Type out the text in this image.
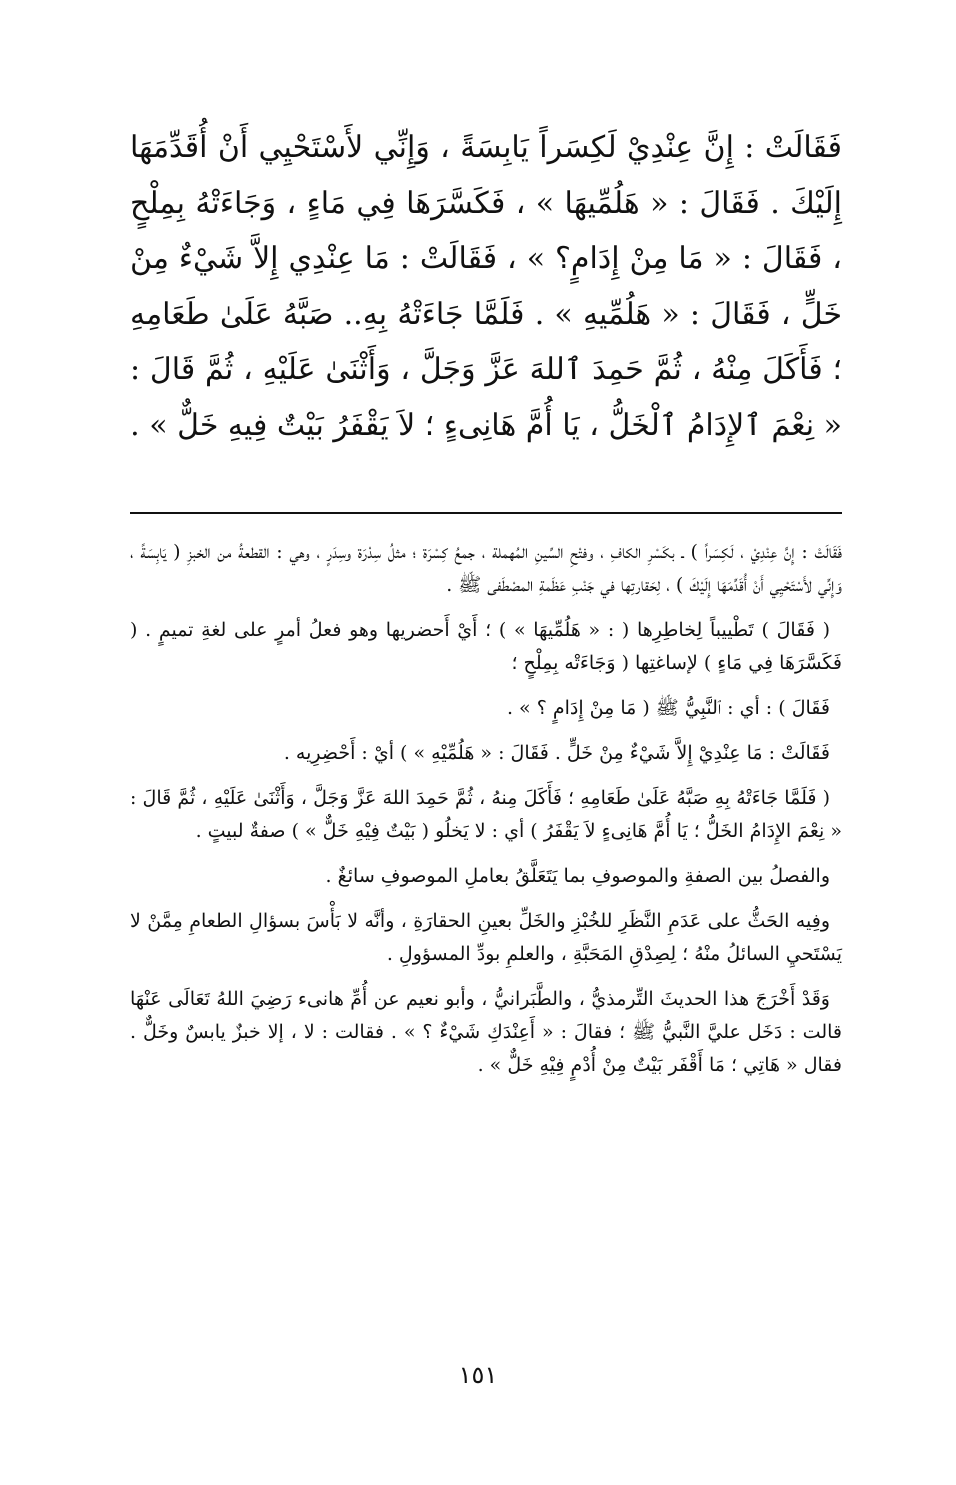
فَقَالَتْ : إِنَّ عِنْدِيْ لَكِسَراً يَابِسَةً ، وَإِنِّي لأَسْتَحْيِي أَنْ أُقَدِّمَهَا إِلَيْكَ . فَقَالَ : « هَلُمِّيهَا » ، فَكَسَّرَهَا فِي مَاءٍ ، وَجَاءَتْهُ بِمِلْحٍ ، فَقَالَ : « مَا مِنْ إِدَامٍ؟ » ، فَقَالَتْ : مَا عِنْدِي إِلاَّ شَيْءٌ مِنْ خَلٍّ ، فَقَالَ : « هَلُمِّيهِ » . فَلَمَّا جَاءَتْهُ بِهِ.. صَبَّهُ عَلَىٰ طَعَامِهِ ؛ فَأَكَلَ مِنْهُ ، ثُمَّ حَمِدَ ٱللهَ عَزَّ وَجَلَّ ، وَأَثْنَىٰ عَلَيْهِ ، ثُمَّ قَالَ : « نِعْمَ ٱلإِدَامُ ٱلْخَلُّ ، يَا أُمَّ هَانِىءٍ ؛ لاَ يَقْفَرُ بَيْتٌ فِيهِ خَلٌّ » .

فَقَالَتْ : إِنَّ عِنْدِيْ ، لَكِسَراً ) ـ بكَسْرِ الكافِ ، وفتْحِ السِّينِ المُهملة ، جمعُ كِسْرَة ؛ مثلُ سِدْرَة وسِدَرٍ ، وهي : القطعةُ من الخبزِ ( يَابِسَةً ، وَإِنِّي لأَسْتَحْيِي أَنْ أُقَدِّمَهَا إِلَيْكَ ) ، لِحَقارتِها في جَنْبِ عَظَمةِ المصْطَفى ﷺ .

( فَقَالَ ) تَطْييباً لِخاطِرِها ( : « هَلُمِّيهَا » ) ؛ أَيْ أَحضريها وهو فعلُ أمرٍ على لغةِ تميمٍ . ( فَكَسَّرَهَا فِي مَاءٍ ) لإساغتِها ( وَجَاءَتْه بِمِلْحٍ ؛

فَقَالَ ) : أي : ٱلنَّبِيُّ ﷺ ( مَا مِنْ إِدَامٍ ؟ » .

فَقَالَتْ : مَا عِنْدِيْ إِلاَّ شَيْءٌ مِنْ خَلٍّ . فَقَالَ : « هَلُمِّيْهِ » ) أيْ : أَحْضِرِيه .

( فَلَمَّا جَاءَتْهُ بِهِ صَبَّهُ عَلَىٰ طَعَامِهِ ؛ فَأَكَلَ مِنهُ ، ثُمَّ حَمِدَ اللهَ عَزَّ وَجَلَّ ، وَأَثْنَىٰ عَلَيْهِ ، ثُمَّ قَالَ : « نِعْمَ الإِدَامُ الخَلُّ ؛ يَا أُمَّ هَانِىءٍ لاَ يَقْفَرُ ) أي : لا يَخلُو ( بَيْتٌ فِيْهِ خَلٌّ » ) صفةٌ لبيتٍ .

والفصلُ بين الصفةِ والموصوفِ بما يَتَعَلَّقُ بعاملِ الموصوفِ سائغٌ .

وفِيه الحَثُّ على عَدَمِ النَّظَرِ للخُبْزِ والخَلِّ بعينِ الحقارَةِ ، وأنَّه لا بَأْسَ بسؤالِ الطعامِ مِمَّنْ لا يَسْتَحيِ السائلُ منْهُ ؛ لِصِدْقِ المَحَبَّةِ ، والعلمِ بودِّ المسؤولِ .

وَقَدْ أَخْرَجَ هذا الحديثَ التِّرمذيُّ ، والطَّبَرانيُّ ، وأبو نعيم عن أُمِّ هانىء رَضِيَ اللهُ تَعَالَى عَنْهَا قالت : دَخَل عليَّ النَّبيُّ ﷺ ؛ فقالَ : « أَعِنْدَكِ شَيْءٌ ؟ » . فقالت : لا ، إلا خبزٌ يابسٌ وخَلٌّ . فقال « هَاتِي ؛ مَا أَقْفَر بَيْتٌ مِنْ أُدْمٍ فِيْهِ خَلٌّ » .

١٥١
